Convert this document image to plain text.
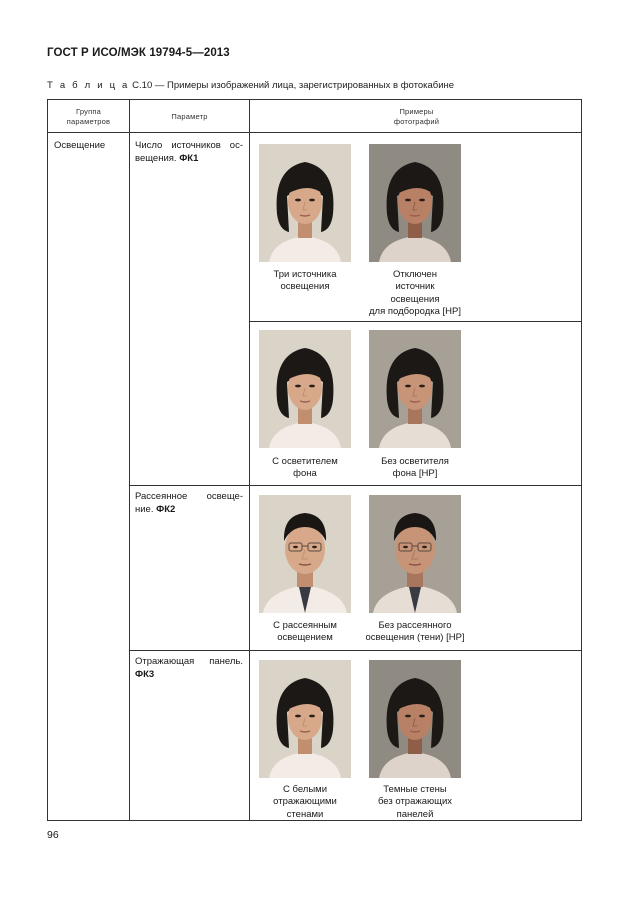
ГОСТ Р ИСО/МЭК 19794-5—2013
Т а б л и ц а С.10 — Примеры изображений лица, зарегистрированных в фотокабине
Группа
параметров
Параметр
Примеры
фотографий
Освещение	Число источников ос-вещения. ФК1
Рассеянное освеще-ние. ФК2
Отражающая панель. ФК3
Три источника
освещения
Отключен
источник
освещения
для подбородка [НР]
С осветителем
фона
Без осветителя
фона [НР]
С рассеянным
освещением
Без рассеянного
освещения (тени) [НР]
С белыми
отражающими
стенами
Темные стены
без отражающих
панелей
96
